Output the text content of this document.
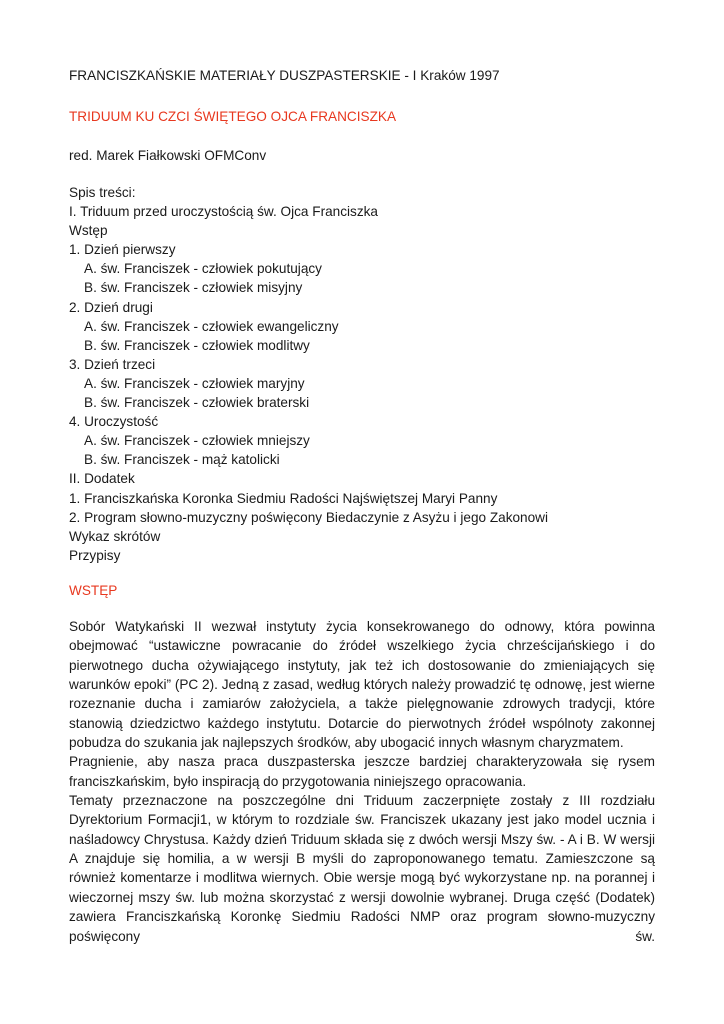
FRANCISZKAŃSKIE MATERIAŁY DUSZPASTERSKIE - I Kraków 1997
TRIDUUM KU CZCI ŚWIĘTEGO OJCA FRANCISZKA
red. Marek Fiałkowski OFMConv
Spis treści:
I. Triduum przed uroczystością św. Ojca Franciszka
Wstęp
1. Dzień pierwszy
A. św. Franciszek - człowiek pokutujący
B. św. Franciszek - człowiek misyjny
2. Dzień drugi
A. św. Franciszek - człowiek ewangeliczny
B. św. Franciszek - człowiek modlitwy
3. Dzień trzeci
A. św. Franciszek - człowiek maryjny
B. św. Franciszek - człowiek braterski
4. Uroczystość
A. św. Franciszek - człowiek mniejszy
B. św. Franciszek - mąż katolicki
II. Dodatek
1. Franciszkańska Koronka Siedmiu Radości Najświętszej Maryi Panny
2. Program słowno-muzyczny poświęcony Biedaczynie z Asyżu i jego Zakonowi
Wykaz skrótów
Przypisy
WSTĘP

Sobór Watykański II wezwał instytuty życia konsekrowanego do odnowy, która powinna obejmować “ustawiczne powracanie do źródeł wszelkiego życia chrześcijańskiego i do pierwotnego ducha ożywiającego instytuty, jak też ich dostosowanie do zmieniających się warunków epoki” (PC 2). Jedną z zasad, według których należy prowadzić tę odnowę, jest wierne rozeznanie ducha i zamiarów założyciela, a także pielęgnowanie zdrowych tradycji, które stanowią dziedzictwo każdego instytutu. Dotarcie do pierwotnych źródeł wspólnoty zakonnej pobudza do szukania jak najlepszych środków, aby ubogacić innych własnym charyzmatem.

Pragnienie, aby nasza praca duszpasterska jeszcze bardziej charakteryzowała się rysem franciszkańskim, było inspiracją do przygotowania niniejszego opracowania.

Tematy przeznaczone na poszczególne dni Triduum zaczerpnięte zostały z III rozdziału Dyrektorium Formacji1, w którym to rozdziale św. Franciszek ukazany jest jako model ucznia i naśladowcy Chrystusa. Każdy dzień Triduum składa się z dwóch wersji Mszy św. - A i B. W wersji A znajduje się homilia, a w wersji B myśli do zaproponowanego tematu. Zamieszczone są również komentarze i modlitwa wiernych. Obie wersje mogą być wykorzystane np. na porannej i wieczornej mszy św. lub można skorzystać z wersji dowolnie wybranej. Druga część (Dodatek) zawiera Franciszkańską Koronkę Siedmiu Radości NMP oraz program słowno-muzyczny poświęcony św.
